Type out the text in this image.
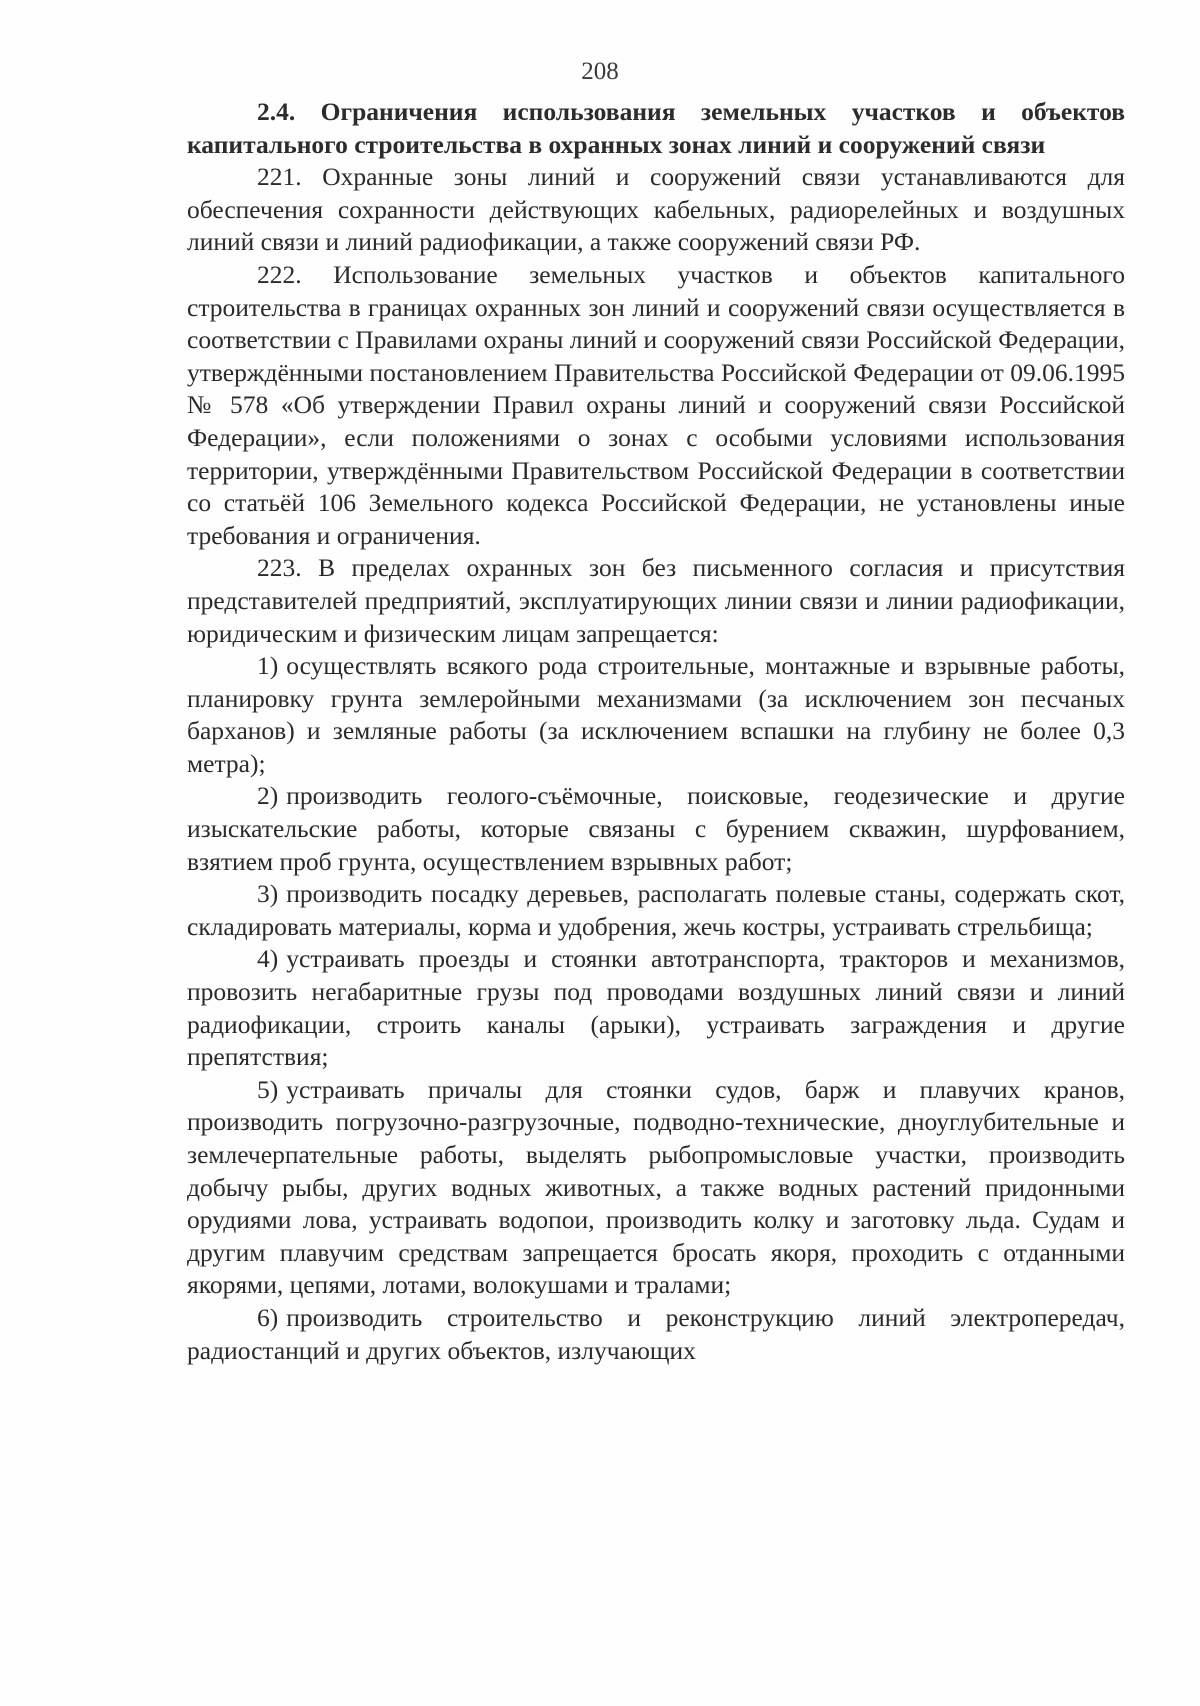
208

2.4. Ограничения использования земельных участков и объектов капитального строительства в охранных зонах линий и сооружений связи

221. Охранные зоны линий и сооружений связи устанавливаются для обеспечения сохранности действующих кабельных, радиорелейных и воздушных линий связи и линий радиофикации, а также сооружений связи РФ.

222. Использование земельных участков и объектов капитального строительства в границах охранных зон линий и сооружений связи осуществляется в соответствии с Правилами охраны линий и сооружений связи Российской Федерации, утверждёнными постановлением Правительства Российской Федерации от 09.06.1995 № 578 «Об утверждении Правил охраны линий и сооружений связи Российской Федерации», если положениями о зонах с особыми условиями использования территории, утверждёнными Правительством Российской Федерации в соответствии со статьёй 106 Земельного кодекса Российской Федерации, не установлены иные требования и ограничения.

223. В пределах охранных зон без письменного согласия и присутствия представителей предприятий, эксплуатирующих линии связи и линии радиофикации, юридическим и физическим лицам запрещается:

1) осуществлять всякого рода строительные, монтажные и взрывные работы, планировку грунта землеройными механизмами (за исключением зон песчаных барханов) и земляные работы (за исключением вспашки на глубину не более 0,3 метра);

2) производить геолого-съёмочные, поисковые, геодезические и другие изыскательские работы, которые связаны с бурением скважин, шурфованием, взятием проб грунта, осуществлением взрывных работ;

3) производить посадку деревьев, располагать полевые станы, содержать скот, складировать материалы, корма и удобрения, жечь костры, устраивать стрельбища;

4) устраивать проезды и стоянки автотранспорта, тракторов и механизмов, провозить негабаритные грузы под проводами воздушных линий связи и линий радиофикации, строить каналы (арыки), устраивать заграждения и другие препятствия;

5) устраивать причалы для стоянки судов, барж и плавучих кранов, производить погрузочно-разгрузочные, подводно-технические, дноуглубительные и землечерпательные работы, выделять рыбопромысловые участки, производить добычу рыбы, других водных животных, а также водных растений придонными орудиями лова, устраивать водопои, производить колку и заготовку льда. Судам и другим плавучим средствам запрещается бросать якоря, проходить с отданными якорями, цепями, лотами, волокушами и тралами;

6) производить строительство и реконструкцию линий электропередач, радиостанций и других объектов, излучающих
